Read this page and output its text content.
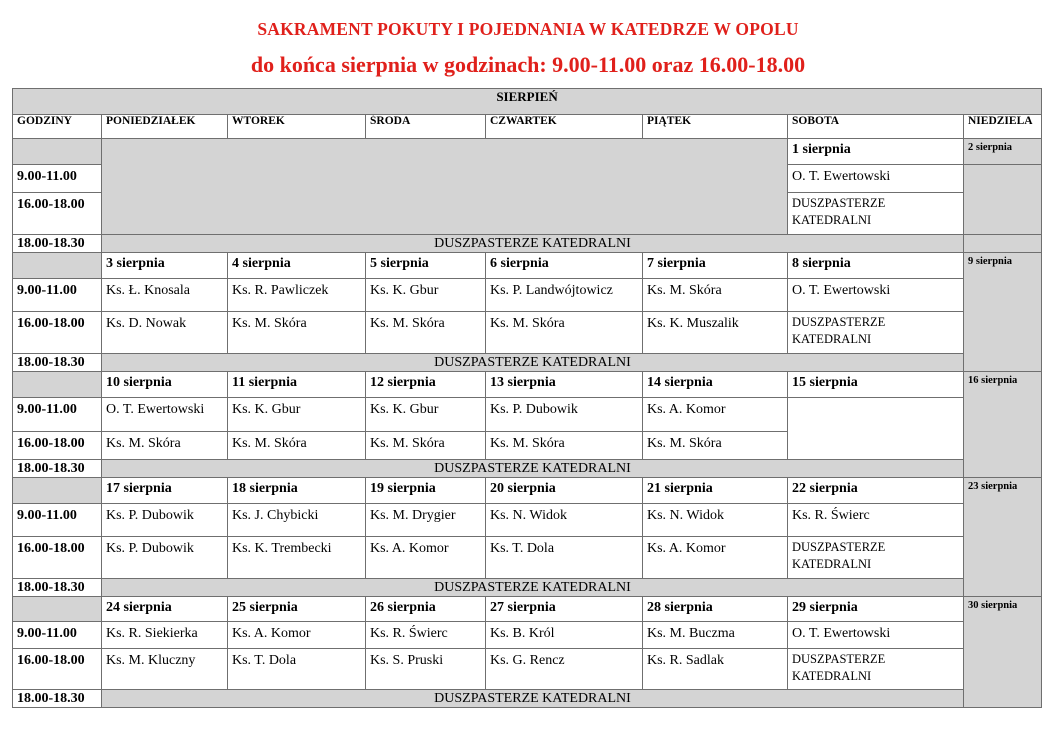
SAKRAMENT POKUTY I POJEDNANIA W KATEDRZE W OPOLU
do końca sierpnia w godzinach: 9.00-11.00 oraz 16.00-18.00
SIERPIEŃ							
GODZINY	PONIEDZIAŁEK	WTOREK	ŚRODA	CZWARTEK	PIĄTEK	SOBOTA	NIEDZIELA
						1 sierpnia	2 sierpnia
9.00-11.00						O. T. Ewertowski	
16.00-18.00						DUSZPASTERZE
KATEDRALNI	
18.00-18.30	DUSZPASTERZE KATEDRALNI						
	3 sierpnia	4 sierpnia	5 sierpnia	6 sierpnia	7 sierpnia	8 sierpnia	9 sierpnia
9.00-11.00	Ks. Ł. Knosala	Ks. R. Pawliczek	Ks. K. Gbur	Ks. P. Landwójtowicz	Ks. M. Skóra	O. T. Ewertowski	
16.00-18.00	Ks. D. Nowak	Ks. M. Skóra	Ks. M. Skóra	Ks. M. Skóra	Ks. K. Muszalik	DUSZPASTERZE
KATEDRALNI	
18.00-18.30	DUSZPASTERZE KATEDRALNI						
	10 sierpnia	11 sierpnia	12 sierpnia	13 sierpnia	14 sierpnia	15 sierpnia	16 sierpnia
9.00-11.00	O. T. Ewertowski	Ks. K. Gbur	Ks. K. Gbur	Ks. P. Dubowik	Ks. A. Komor		
16.00-18.00	Ks. M. Skóra	Ks. M. Skóra	Ks. M. Skóra	Ks. M. Skóra	Ks. M. Skóra		
18.00-18.30	DUSZPASTERZE KATEDRALNI						
	17 sierpnia	18 sierpnia	19 sierpnia	20 sierpnia	21 sierpnia	22 sierpnia	23 sierpnia
9.00-11.00	Ks. P. Dubowik	Ks. J. Chybicki	Ks. M. Drygier	Ks. N. Widok	Ks. N. Widok	Ks. R. Świerc	
16.00-18.00	Ks. P. Dubowik	Ks. K. Trembecki	Ks. A. Komor	Ks. T. Dola	Ks. A. Komor	DUSZPASTERZE
KATEDRALNI	
18.00-18.30	DUSZPASTERZE KATEDRALNI						
	24 sierpnia	25 sierpnia	26 sierpnia	27 sierpnia	28 sierpnia	29 sierpnia	30 sierpnia
9.00-11.00	Ks. R. Siekierka	Ks. A. Komor	Ks. R. Świerc	Ks. B. Król	Ks. M. Buczma	O. T. Ewertowski	
16.00-18.00	Ks. M. Kluczny	Ks. T. Dola	Ks. S. Pruski	Ks. G. Rencz	Ks. R. Sadlak	DUSZPASTERZE
KATEDRALNI	
18.00-18.30	DUSZPASTERZE KATEDRALNI						
